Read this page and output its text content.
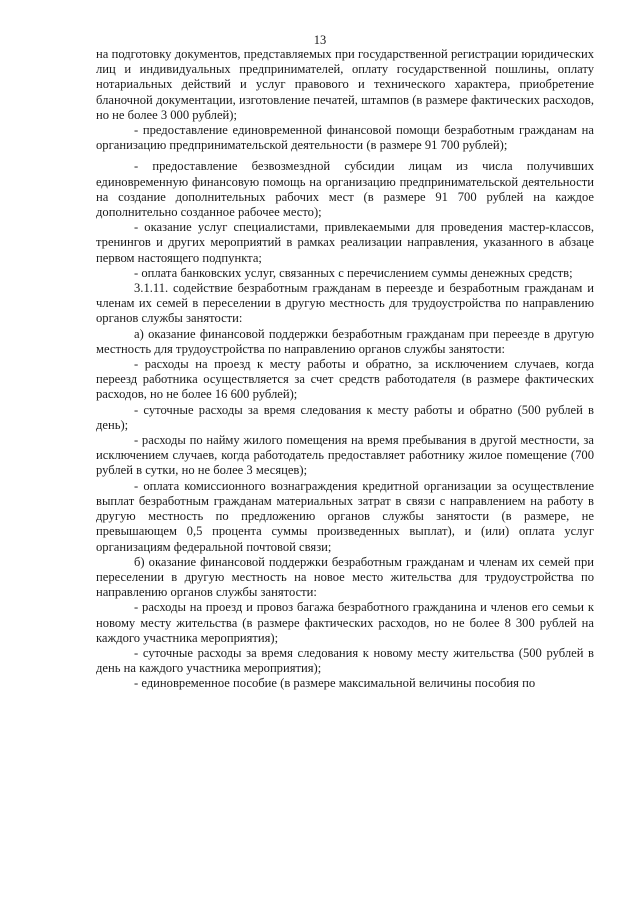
13

на подготовку документов, представляемых при государственной регистрации юридических лиц и индивидуальных предпринимателей, оплату государственной пошлины, оплату нотариальных действий и услуг правового и технического характера, приобретение бланочной документации, изготовление печатей, штампов (в размере фактических расходов, но не более 3 000 рублей);

- предоставление единовременной финансовой помощи безработным гражданам на организацию предпринимательской деятельности (в размере 91 700 рублей);

- предоставление безвозмездной субсидии лицам из числа получивших единовременную финансовую помощь на организацию предпринимательской деятельности на создание дополнительных рабочих мест (в размере 91 700 рублей на каждое дополнительно созданное рабочее место);

- оказание услуг специалистами, привлекаемыми для проведения мастер-классов, тренингов и других мероприятий в рамках реализации направления, указанного в абзаце первом настоящего подпункта;

- оплата банковских услуг, связанных с перечислением суммы денежных средств;

3.1.11. содействие безработным гражданам в переезде и безработным гражданам и членам их семей в переселении в другую местность для трудоустройства по направлению органов службы занятости:

а) оказание финансовой поддержки безработным гражданам при переезде в другую местность для трудоустройства по направлению органов службы занятости:

- расходы на проезд к месту работы и обратно, за исключением случаев, когда переезд работника осуществляется за счет средств работодателя (в размере фактических расходов, но не более 16 600 рублей);

- суточные расходы за время следования к месту работы и обратно (500 рублей в день);

- расходы по найму жилого помещения на время пребывания в другой местности, за исключением случаев, когда работодатель предоставляет работнику жилое помещение (700 рублей в сутки, но не более 3 месяцев);

- оплата комиссионного вознаграждения кредитной организации за осуществление выплат безработным гражданам материальных затрат в связи с направлением на работу в другую местность по предложению органов службы занятости (в размере, не превышающем 0,5 процента суммы произведенных выплат), и (или) оплата услуг организациям федеральной почтовой связи;

б) оказание финансовой поддержки безработным гражданам и членам их семей при переселении в другую местность на новое место жительства для трудоустройства по направлению органов службы занятости:

- расходы на проезд и провоз багажа безработного гражданина и членов его семьи к новому месту жительства (в размере фактических расходов, но не более 8 300 рублей на каждого участника мероприятия);

- суточные расходы за время следования к новому месту жительства (500 рублей в день на каждого участника мероприятия);

- единовременное пособие (в размере максимальной величины пособия по
